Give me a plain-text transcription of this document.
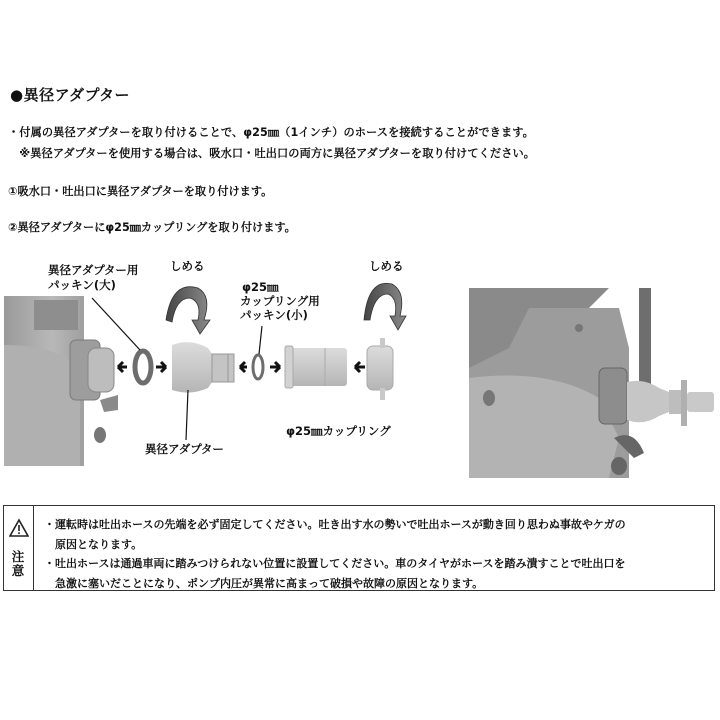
●異径アダプター
・付属の異径アダプターを取り付けることで、φ25㎜（1インチ）のホースを接続することができます。
　※異径アダプターを使用する場合は、吸水口・吐出口の両方に異径アダプターを取り付けてください。
①吸水口・吐出口に異径アダプターを取り付けます。
②異径アダプターにφ25㎜カップリングを取り付けます。
異径アダプター用
パッキン(大)
しめる
φ25㎜
カップリング用
パッキン(小)
しめる
異径アダプター
φ25㎜カップリング
注
意
・運転時は吐出ホースの先端を必ず固定してください。吐き出す水の勢いで吐出ホースが動き回り思わぬ事故やケガの
　原因となります。
・吐出ホースは通過車両に踏みつけられない位置に設置してください。車のタイヤがホースを踏み潰すことで吐出口を
　急激に塞いだことになり、ポンプ内圧が異常に高まって破損や故障の原因となります。
